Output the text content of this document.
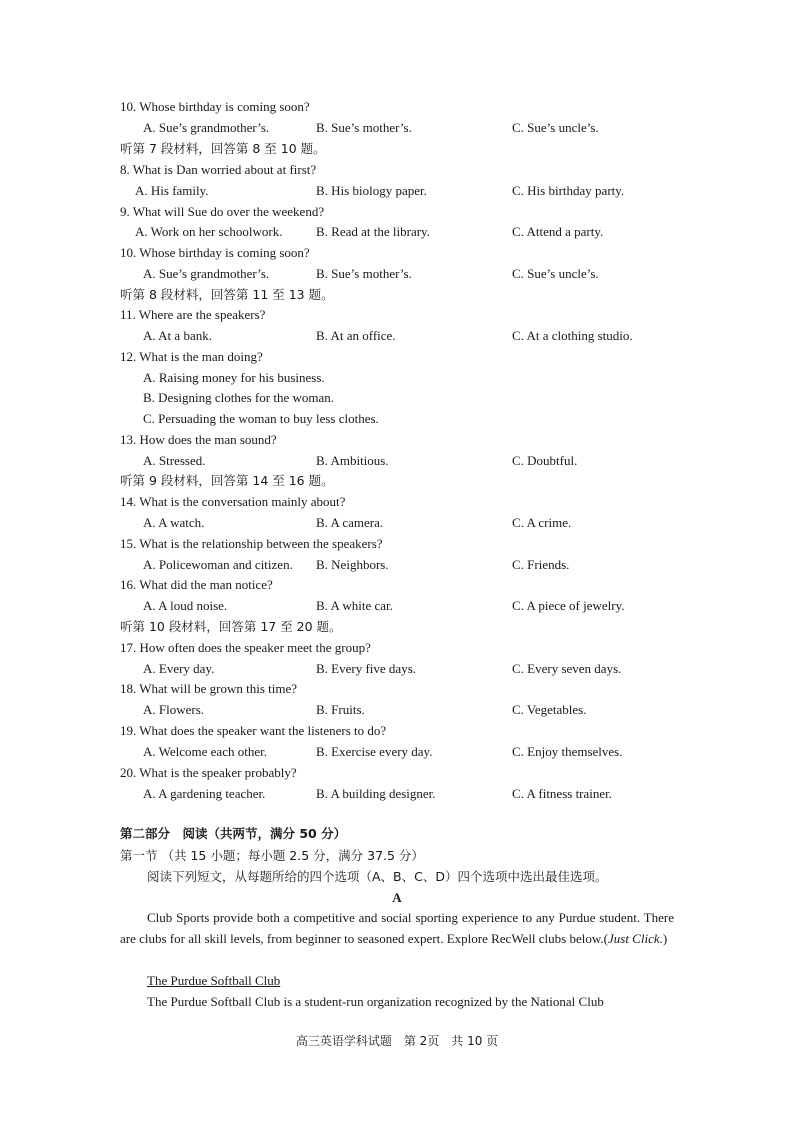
10. Whose birthday is coming soon?
A. Sue’s grandmother’s.	B. Sue’s mother’s.	C. Sue’s uncle’s.
听第 7 段材料，回答第 8 至 10 题。
8. What is Dan worried about at first?
A. His family.	B. His biology paper.	C. His birthday party.
9. What will Sue do over the weekend?
A. Work on her schoolwork.	B. Read at the library.	C. Attend a party.
10. Whose birthday is coming soon?
A. Sue’s grandmother’s.	B. Sue’s mother’s.	C. Sue’s uncle’s.
听第 8 段材料，回答第 11 至 13 题。
11. Where are the speakers?
A. At a bank.	B. At an office.	C. At a clothing studio.
12. What is the man doing?
A. Raising money for his business.
B. Designing clothes for the woman.
C. Persuading the woman to buy less clothes.
13. How does the man sound?
A. Stressed.	B. Ambitious.	C. Doubtful.
听第 9 段材料，回答第 14 至 16 题。
14. What is the conversation mainly about?
A. A watch.	B. A camera.	C. A crime.
15. What is the relationship between the speakers?
A. Policewoman and citizen. B. Neighbors.	C. Friends.
16. What did the man notice?
A. A loud noise.	B. A white car.	C. A piece of jewelry.
听第 10 段材料，回答第 17 至 20 题。
17. How often does the speaker meet the group?
A. Every day.	B. Every five days.	C. Every seven days.
18. What will be grown this time?
A. Flowers.	B. Fruits.	C. Vegetables.
19. What does the speaker want the listeners to do?
A. Welcome each other.	B. Exercise every day.	C. Enjoy themselves.
20. What is the speaker probably?
A. A gardening teacher.	B. A building designer.	C. A fitness trainer.
第二部分　阅读（共两节，满分 50 分）
第一节 （共 15 小题；每小题 2.5 分，满分 37.5 分）
阅读下列短文，从每题所给的四个选项（A、B、C、D）四个选项中选出最佳选项。
A
Club Sports provide both a competitive and social sporting experience to any Purdue student. There are clubs for all skill levels, from beginner to seasoned expert. Explore RecWell clubs below.(Just Click.)
The Purdue Softball Club
The Purdue Softball Club is a student-run organization recognized by the National Club
高三英语学科试题　第 2页　共 10 页
